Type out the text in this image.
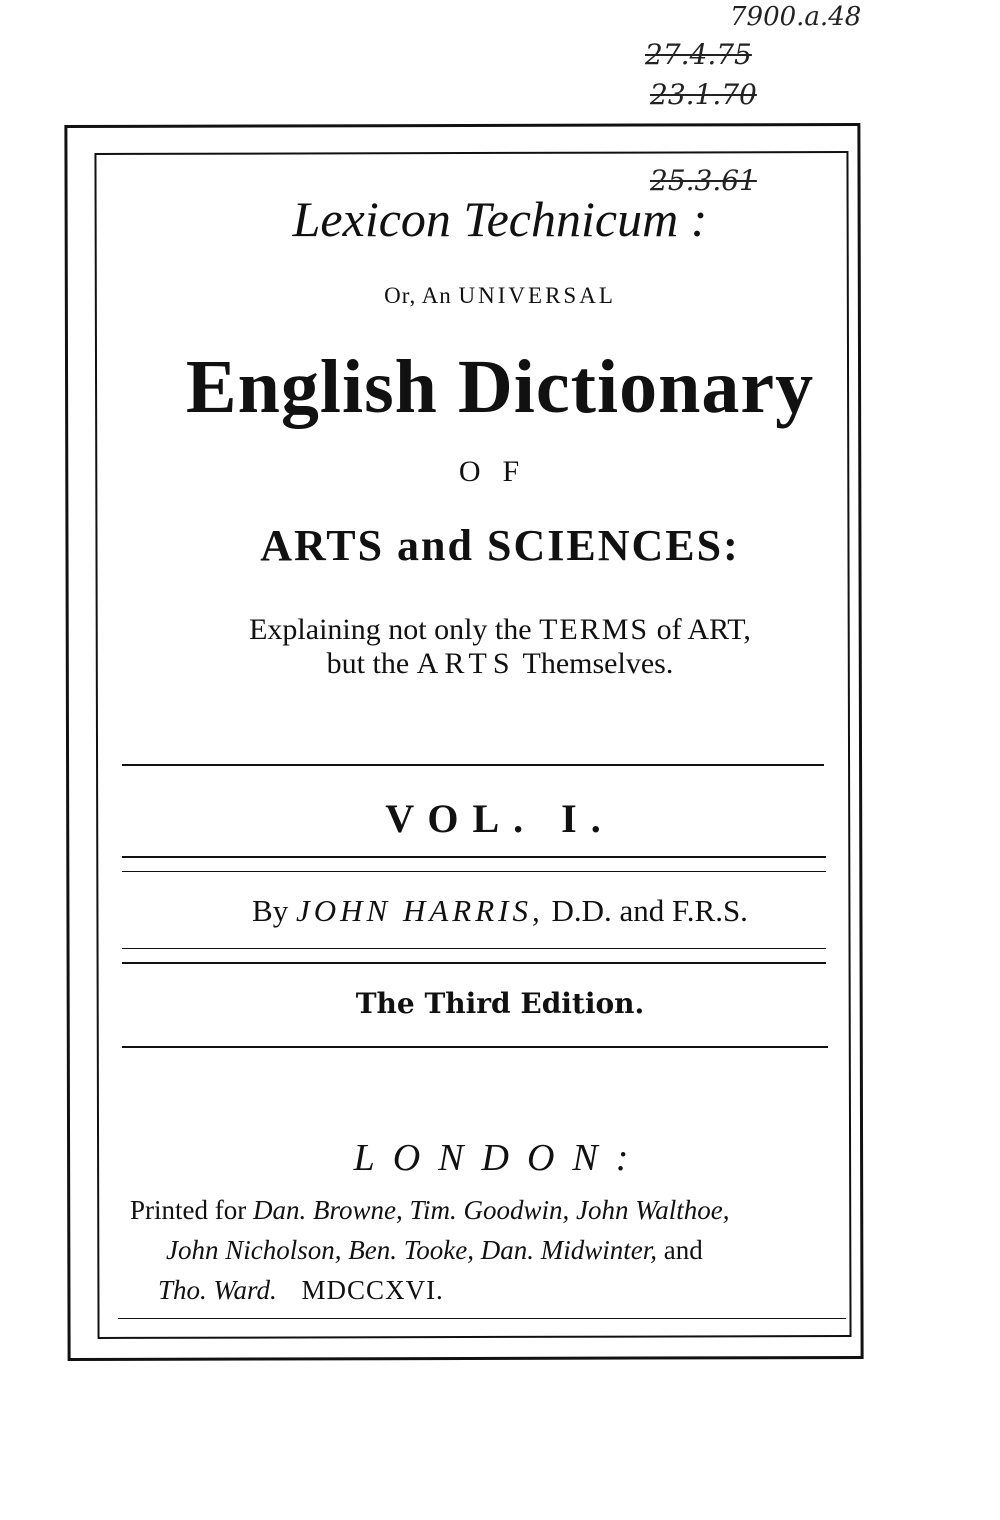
7900.a.48
27.4.75
23.1.70
25.3.61
Lexicon Technicum :
Or, An UNIVERSAL
English Dictionary
OF
ARTS and SCIENCES:
Explaining not only the TERMS of ART,
but the ARTS Themselves.
VOL. I.
By JOHN HARRIS, D.D. and F.R.S.
The Third Edition.
LONDON:
Printed for Dan. Browne, Tim. Goodwin, John Walthoe,
John Nicholson, Ben. Tooke, Dan. Midwinter, and
Tho. Ward. MDCCXVI.
